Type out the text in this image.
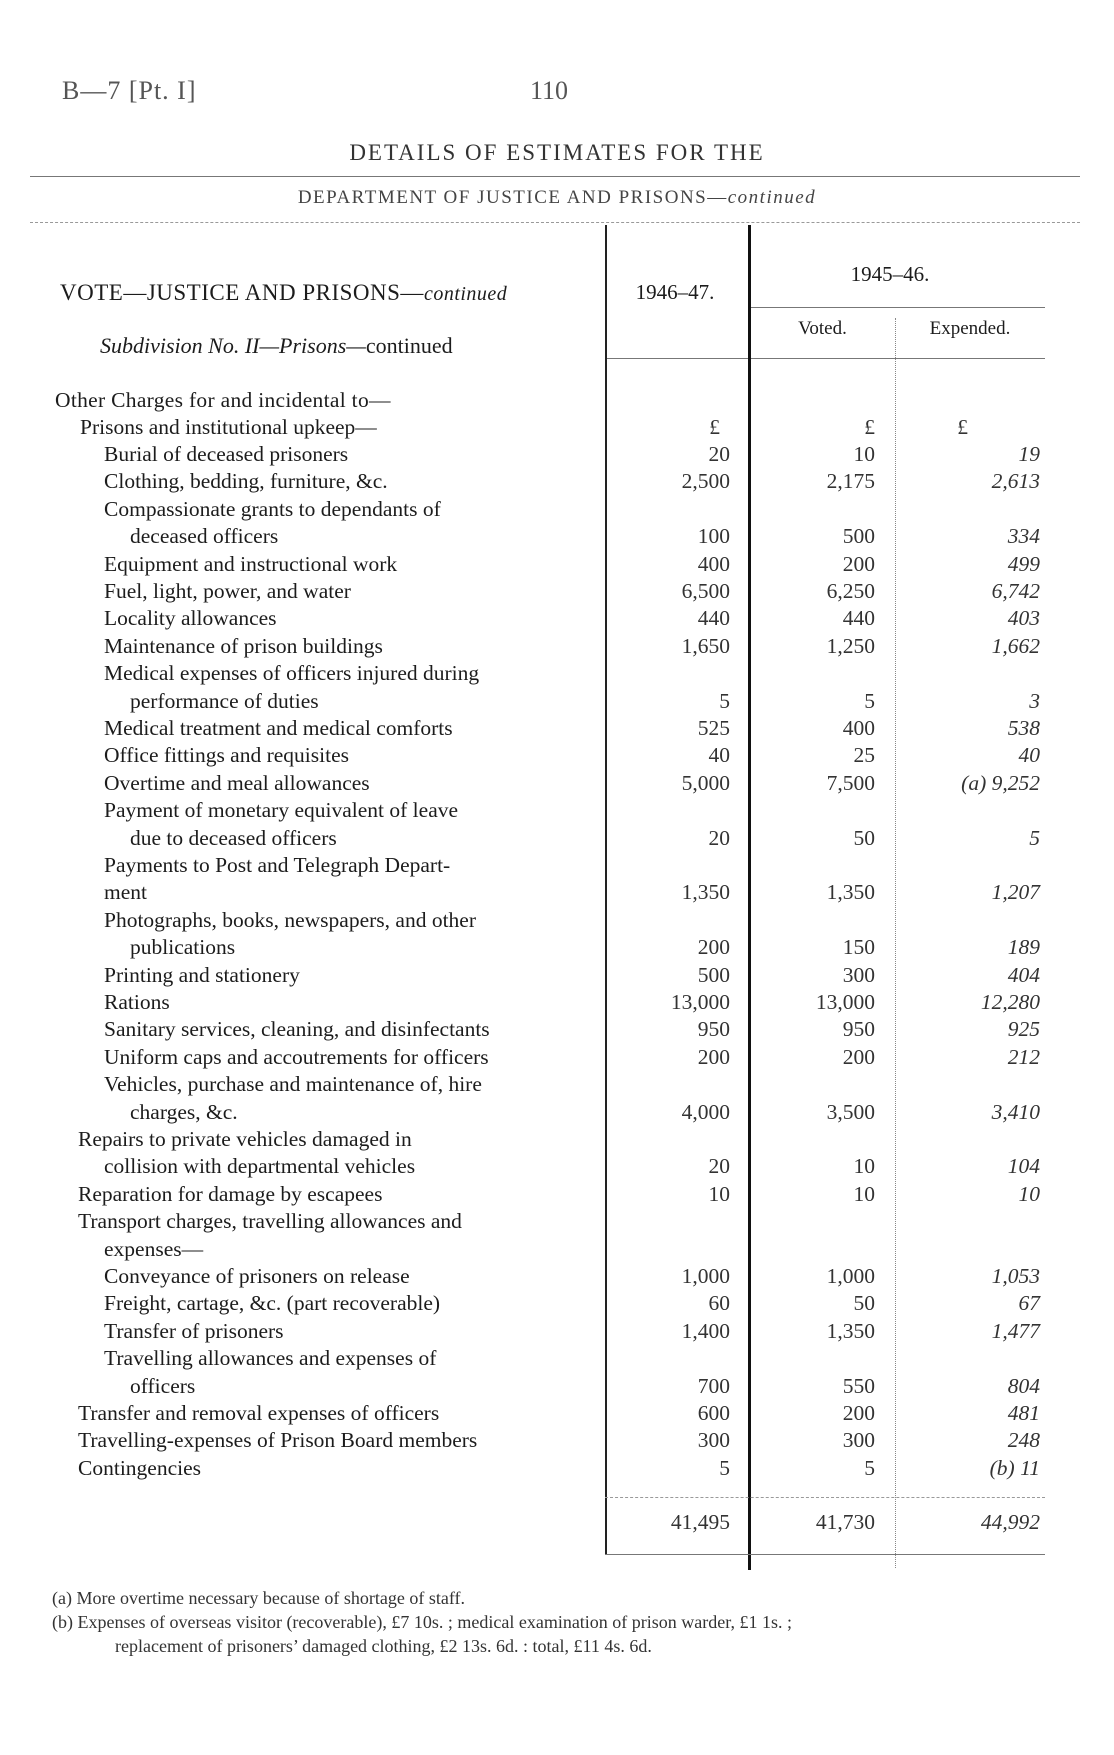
B—7 [Pt. I]	110
DETAILS OF ESTIMATES FOR THE
DEPARTMENT OF JUSTICE AND PRISONS—continued
VOTE—JUSTICE AND PRISONS—continued
Subdivision No. II—Prisons—continued
1946–47.
1945–46.
Voted.	Expended.
Other Charges for and incidental to—
Prisons and institutional upkeep—	£	£	£
Burial of deceased prisoners	20	10	19
Clothing, bedding, furniture, &c.	2,500	2,175	2,613
Compassionate grants to dependants of
deceased officers	100	500	334
Equipment and instructional work	400	200	499
Fuel, light, power, and water	6,500	6,250	6,742
Locality allowances	440	440	403
Maintenance of prison buildings	1,650	1,250	1,662
Medical expenses of officers injured during
performance of duties	5	5	3
Medical treatment and medical comforts	525	400	538
Office fittings and requisites	40	25	40
Overtime and meal allowances	5,000	7,500	(a) 9,252
Payment of monetary equivalent of leave
due to deceased officers	20	50	5
Payments to Post and Telegraph Depart-
ment	1,350	1,350	1,207
Photographs, books, newspapers, and other
publications	200	150	189
Printing and stationery	500	300	404
Rations	13,000	13,000	12,280
Sanitary services, cleaning, and disinfectants	950	950	925
Uniform caps and accoutrements for officers	200	200	212
Vehicles, purchase and maintenance of, hire
charges, &c.	4,000	3,500	3,410
Repairs to private vehicles damaged in
collision with departmental vehicles	20	10	104
Reparation for damage by escapees	10	10	10
Transport charges, travelling allowances and
expenses—
Conveyance of prisoners on release	1,000	1,000	1,053
Freight, cartage, &c. (part recoverable)	60	50	67
Transfer of prisoners	1,400	1,350	1,477
Travelling allowances and expenses of
officers	700	550	804
Transfer and removal expenses of officers	600	200	481
Travelling-expenses of Prison Board members	300	300	248
Contingencies	5	5	(b) 11
41,495	41,730	44,992
(a) More overtime necessary because of shortage of staff.
(b) Expenses of overseas visitor (recoverable), £7 10s. ; medical examination of prison warder, £1 1s. ;
replacement of prisoners’ damaged clothing, £2 13s. 6d. : total, £11 4s. 6d.
